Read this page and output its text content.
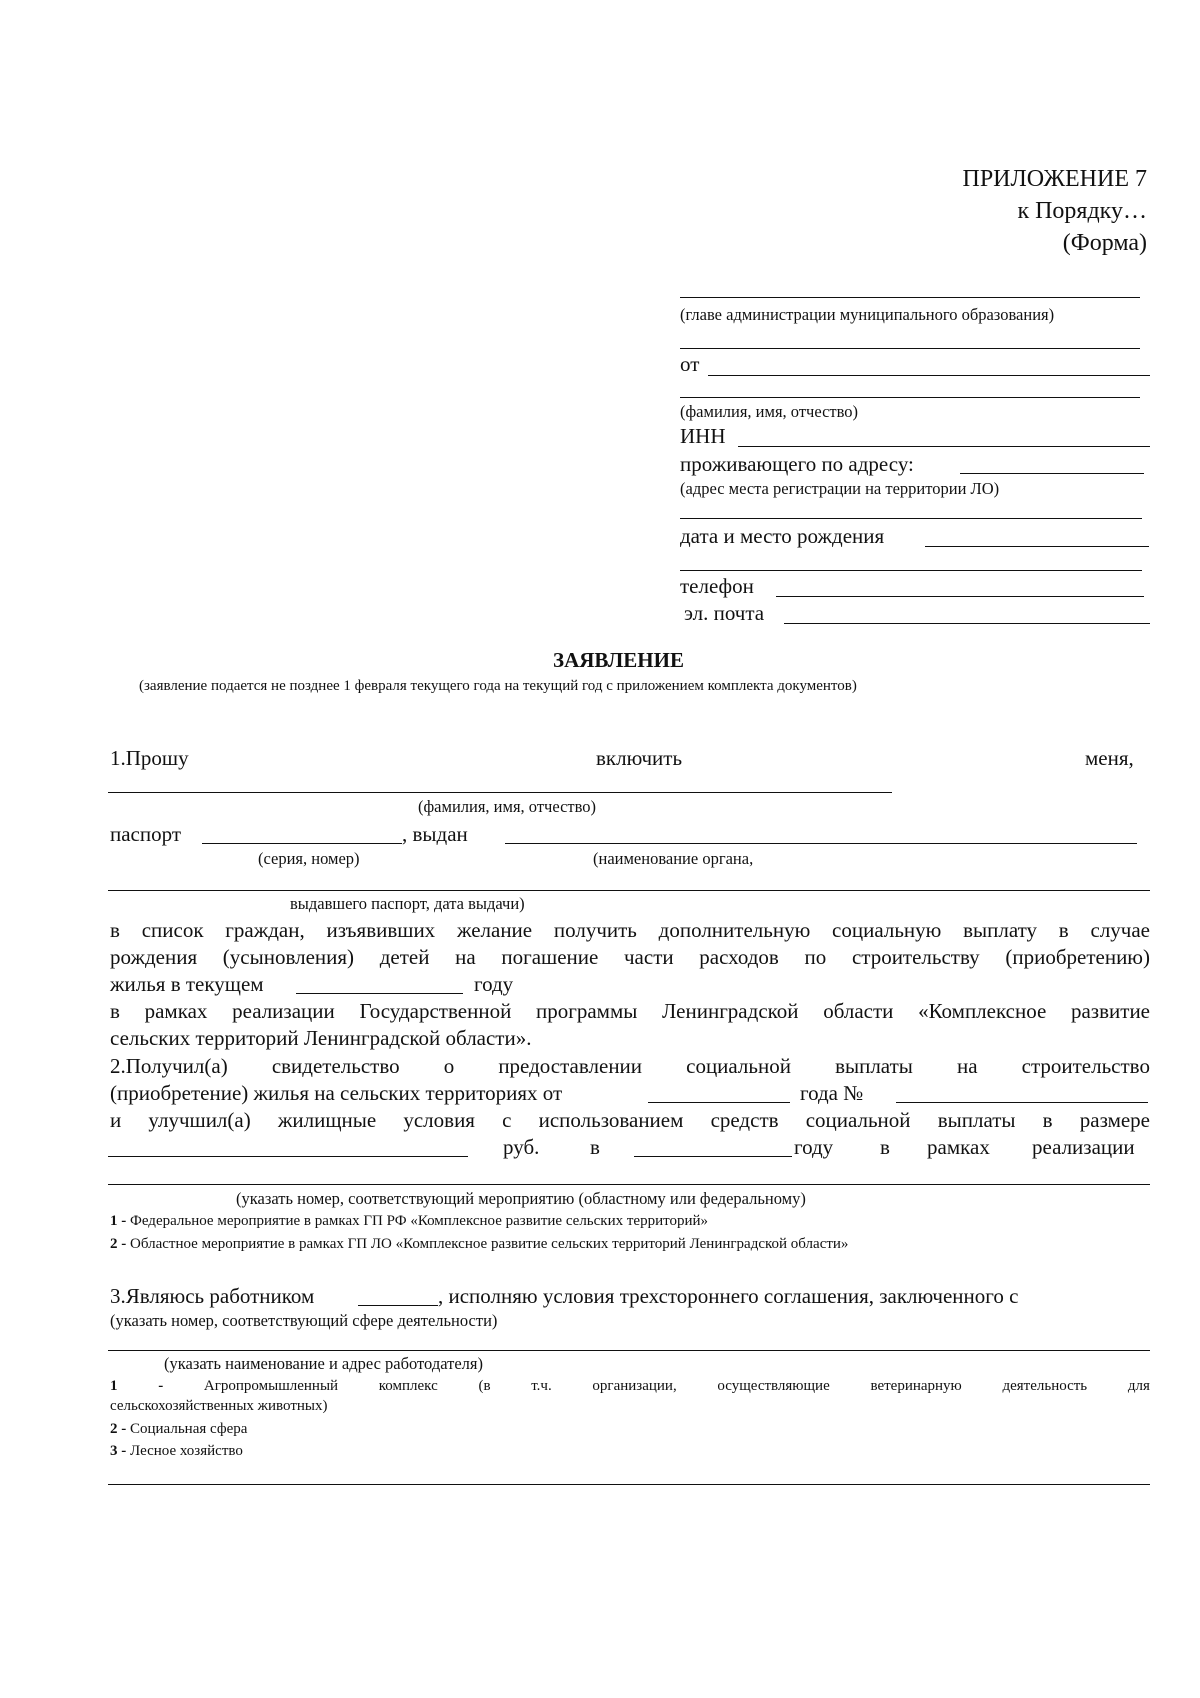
ПРИЛОЖЕНИЕ 7
к Порядку…
(Форма)
(главе администрации муниципального образования)
от
(фамилия, имя, отчество)
ИНН
проживающего по адресу:
(адрес места регистрации на территории ЛО)
дата и место рождения
телефон
эл. почта
ЗАЯВЛЕНИЕ
(заявление подается не позднее 1 февраля текущего года на текущий год с приложением комплекта документов)
1.Прошу	включить	меня,
(фамилия, имя, отчество)
паспорт	, выдан
(серия, номер)	(наименование органа,
выдавшего паспорт, дата выдачи)
в список граждан, изъявивших желание получить дополнительную социальную выплату в случае
рождения (усыновления) детей на погашение части расходов по строительству (приобретению)
жилья в текущем	году
в рамках реализации Государственной программы Ленинградской области «Комплексное развитие
сельских территорий Ленинградской области».
2.Получил(а) свидетельство о предоставлении социальной выплаты на строительство
(приобретение) жилья на сельских территориях от	года №
и улучшил(а) жилищные условия с использованием средств социальной выплаты в размере
руб. в	году в рамках реализации
(указать номер, соответствующий мероприятию (областному или федеральному)
1 - Федеральное мероприятие в рамках ГП РФ «Комплексное развитие сельских территорий»
2 - Областное мероприятие в рамках ГП ЛО «Комплексное развитие сельских территорий Ленинградской области»
3.Являюсь работником	, исполняю условия трехстороннего соглашения, заключенного с
(указать номер, соответствующий сфере деятельности)
(указать наименование и адрес работодателя)
1	-	Агропромышленный	комплекс	(в	т.ч.	организации,	осуществляющие	ветеринарную	деятельность	для
сельскохозяйственных животных)
2 - Социальная сфера
3 - Лесное хозяйство
